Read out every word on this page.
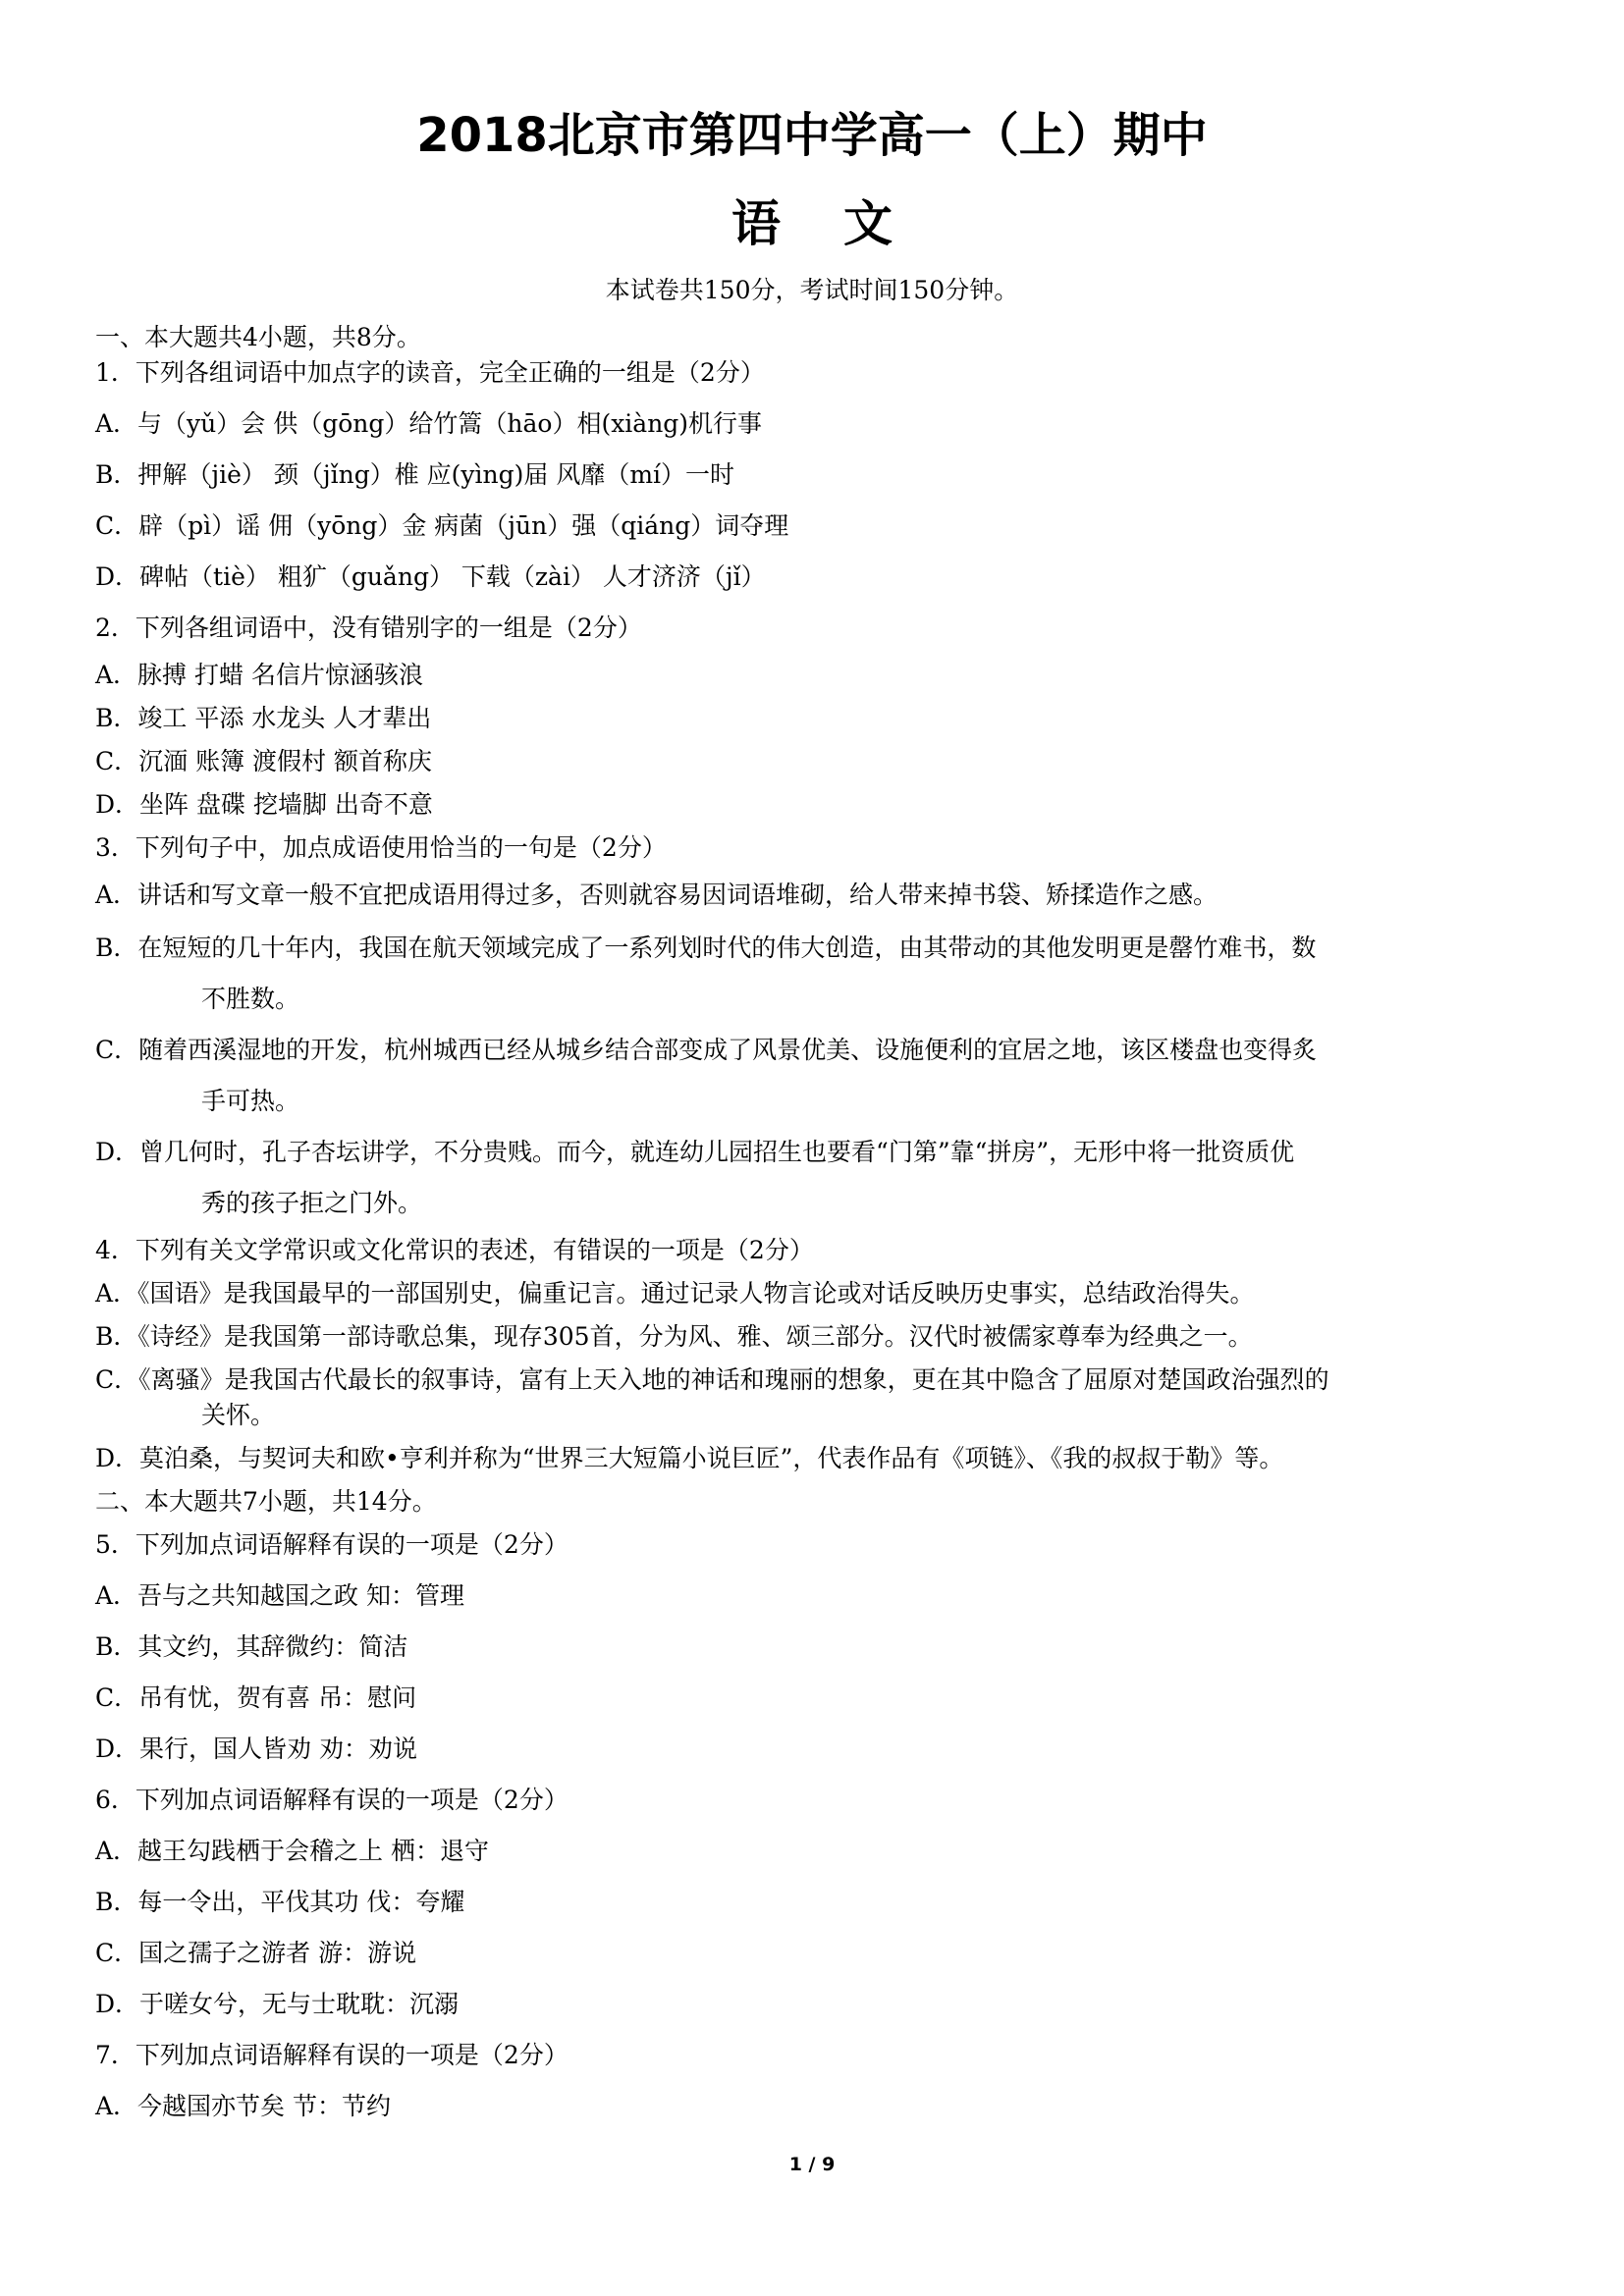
2018北京市第四中学高一（上）期中
语文
本试卷共150分，考试时间150分钟。

一、本大题共4小题，共8分。

1．下列各组词语中加点字的读音，完全正确的一组是（2分）

A．与（yǔ）会 供（gōng）给竹篙（hāo）相(xiàng)机行事

B．押解（jiè） 颈（jǐng）椎 应(yìng)届 风靡（mí）一时

C．辟（pì）谣 佣（yōng）金 病菌（jūn）强（qiáng）词夺理

D．碑帖（tiè） 粗犷（guǎng） 下载（zài） 人才济济（jǐ）

2．下列各组词语中，没有错别字的一组是（2分）

A．脉搏 打蜡 名信片惊涵骇浪

B．竣工 平添 水龙头 人才辈出

C．沉湎 账簿 渡假村 额首称庆

D．坐阵 盘碟 挖墙脚 出奇不意

3．下列句子中，加点成语使用恰当的一句是（2分）

A．讲话和写文章一般不宜把成语用得过多，否则就容易因词语堆砌，给人带来掉书袋、矫揉造作之感。

B．在短短的几十年内，我国在航天领域完成了一系列划时代的伟大创造，由其带动的其他发明更是罄竹难书，数

不胜数。

C．随着西溪湿地的开发，杭州城西已经从城乡结合部变成了风景优美、设施便利的宜居之地，该区楼盘也变得炙

手可热。

D．曾几何时，孔子杏坛讲学，不分贵贱。而今，就连幼儿园招生也要看“门第”靠“拼房”，无形中将一批资质优

秀的孩子拒之门外。

4．下列有关文学常识或文化常识的表述，有错误的一项是（2分）

A．《国语》是我国最早的一部国别史，偏重记言。通过记录人物言论或对话反映历史事实，总结政治得失。

B．《诗经》是我国第一部诗歌总集，现存305首，分为风、雅、颂三部分。汉代时被儒家尊奉为经典之一。

C．《离骚》是我国古代最长的叙事诗，富有上天入地的神话和瑰丽的想象，更在其中隐含了屈原对楚国政治强烈的

关怀。

D．莫泊桑，与契诃夫和欧•亨利并称为“世界三大短篇小说巨匠”，代表作品有《项链》、《我的叔叔于勒》等。

二、本大题共7小题，共14分。

5．下列加点词语解释有误的一项是（2分）

A．吾与之共知越国之政 知：管理

B．其文约，其辞微约：简洁

C．吊有忧，贺有喜 吊：慰问

D．果行，国人皆劝 劝：劝说

6．下列加点词语解释有误的一项是（2分）

A．越王勾践栖于会稽之上 栖：退守

B．每一令出，平伐其功 伐：夸耀

C．国之孺子之游者 游：游说

D．于嗟女兮，无与士耽耽：沉溺

7．下列加点词语解释有误的一项是（2分）

A．今越国亦节矣 节：节约

1 / 9
